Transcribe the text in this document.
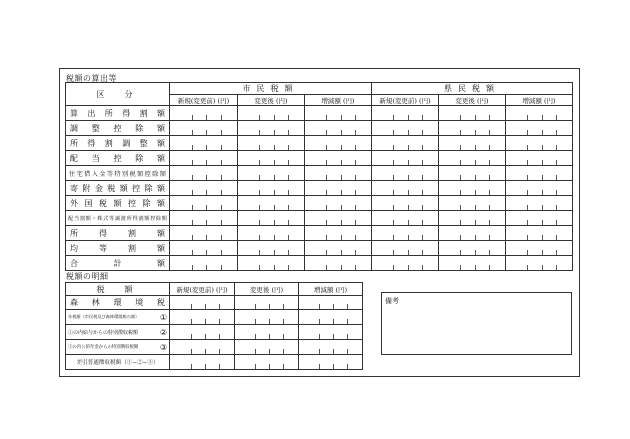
税額の算出等
区　分	市民税額			県民税額		
	新規(変更前) (円)	変更後 (円)	増減額 (円)	新規(変更前) (円)	変更後 (円)	増減額 (円)
算出所得割額						
調整控除額						
所得割調整額						
配当控除額						
住宅借入金等特別税額控除額						
寄附金税額控除額						
外国税額控除額						
配当割額・株式等譲渡所得割額控除額						
所得割額						
均等割額						
合計額						
税額の明細
税　額	新規(変更前) (円)	変更後 (円)	増減額 (円)
森林環境税			

年税額（市民税及び森林環境税の額） ①			

①の内給与からの特別徴収税額 ②			

①の内公的年金からの特別徴収税額 ③			

差引普通徴収税額（①−②−③）			
備考
